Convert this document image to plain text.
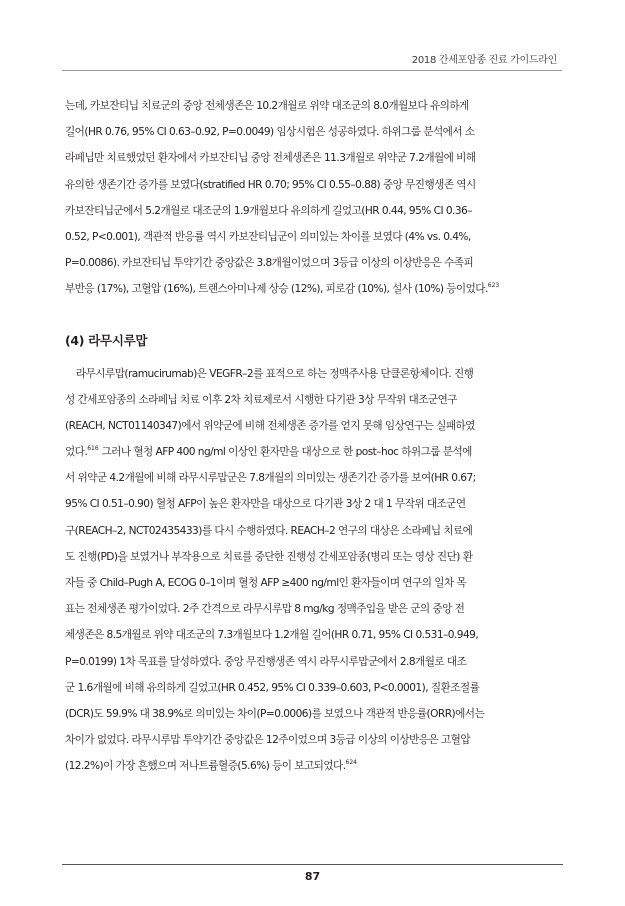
2018 간세포암종 진료 가이드라인
는데, 카보잔티닙 치료군의 중앙 전체생존은 10.2개월로 위약 대조군의 8.0개월보다 유의하게
길어(HR 0.76, 95% CI 0.63–0.92, P=0.0049) 임상시험은 성공하였다. 하위그룹 분석에서 소
라페닙만 치료했었던 환자에서 카보잔티닙 중앙 전체생존은 11.3개월로 위약군 7.2개월에 비해
유의한 생존기간 증가를 보였다(stratified HR 0.70; 95% CI 0.55–0.88) 중앙 무진행생존 역시
카보잔티닙군에서 5.2개월로 대조군의 1.9개월보다 유의하게 길었고(HR 0.44, 95% CI 0.36–
0.52, P<0.001), 객관적 반응률 역시 카보잔티닙군이 의미있는 차이를 보였다 (4% vs. 0.4%,
P=0.0086). 카보잔티닙 투약기간 중앙값은 3.8개월이었으며 3등급 이상의 이상반응은 수족피
부반응 (17%), 고혈압 (16%), 트랜스아미나제 상승 (12%), 피로감 (10%), 설사 (10%) 등이었다.$^{623}$
(4) 라무시루맙
라무시루맙(ramucirumab)은 VEGFR–2를 표적으로 하는 정맥주사용 단클론항체이다. 진행
성 간세포암종의 소라페닙 치료 이후 2차 치료제로서 시행한 다기관 3상 무작위 대조군연구
(REACH, NCT01140347)에서 위약군에 비해 전체생존 증가를 얻지 못해 임상연구는 실패하였
었다.$^{616}$ 그러나 혈청 AFP 400 ng/ml 이상인 환자만을 대상으로 한 post–hoc 하위그룹 분석에
서 위약군 4.2개월에 비해 라무시루맙군은 7.8개월의 의미있는 생존기간 증가를 보여(HR 0.67;
95% CI 0.51–0.90) 혈청 AFP이 높은 환자만을 대상으로 다기관 3상 2 대 1 무작위 대조군연
구(REACH–2, NCT02435433)를 다시 수행하였다. REACH–2 연구의 대상은 소라페닙 치료에
도 진행(PD)을 보였거나 부작용으로 치료를 중단한 진행성 간세포암종(병리 또는 영상 진단) 환
자들 중 Child–Pugh A, ECOG 0–1이며 혈청 AFP ≥400 ng/ml인 환자들이며 연구의 일차 목
표는 전체생존 평가이었다. 2주 간격으로 라무시루맙 8 mg/kg 정맥주입을 받은 군의 중앙 전
체생존은 8.5개월로 위약 대조군의 7.3개월보다 1.2개월 길어(HR 0.71, 95% CI 0.531–0.949,
P=0.0199) 1차 목표를 달성하였다. 중앙 무진행생존 역시 라무시루맙군에서 2.8개월로 대조
군 1.6개월에 비해 유의하게 길었고(HR 0.452, 95% CI 0.339–0.603, P<0.0001), 질환조절률
(DCR)도 59.9% 대 38.9%로 의미있는 차이(P=0.0006)를 보였으나 객관적 반응률(ORR)에서는
차이가 없었다. 라무시루맙 투약기간 중앙값은 12주이었으며 3등급 이상의 이상반응은 고혈압
(12.2%)이 가장 흔했으며 저나트륨혈증(5.6%) 등이 보고되었다.$^{624}$
87
